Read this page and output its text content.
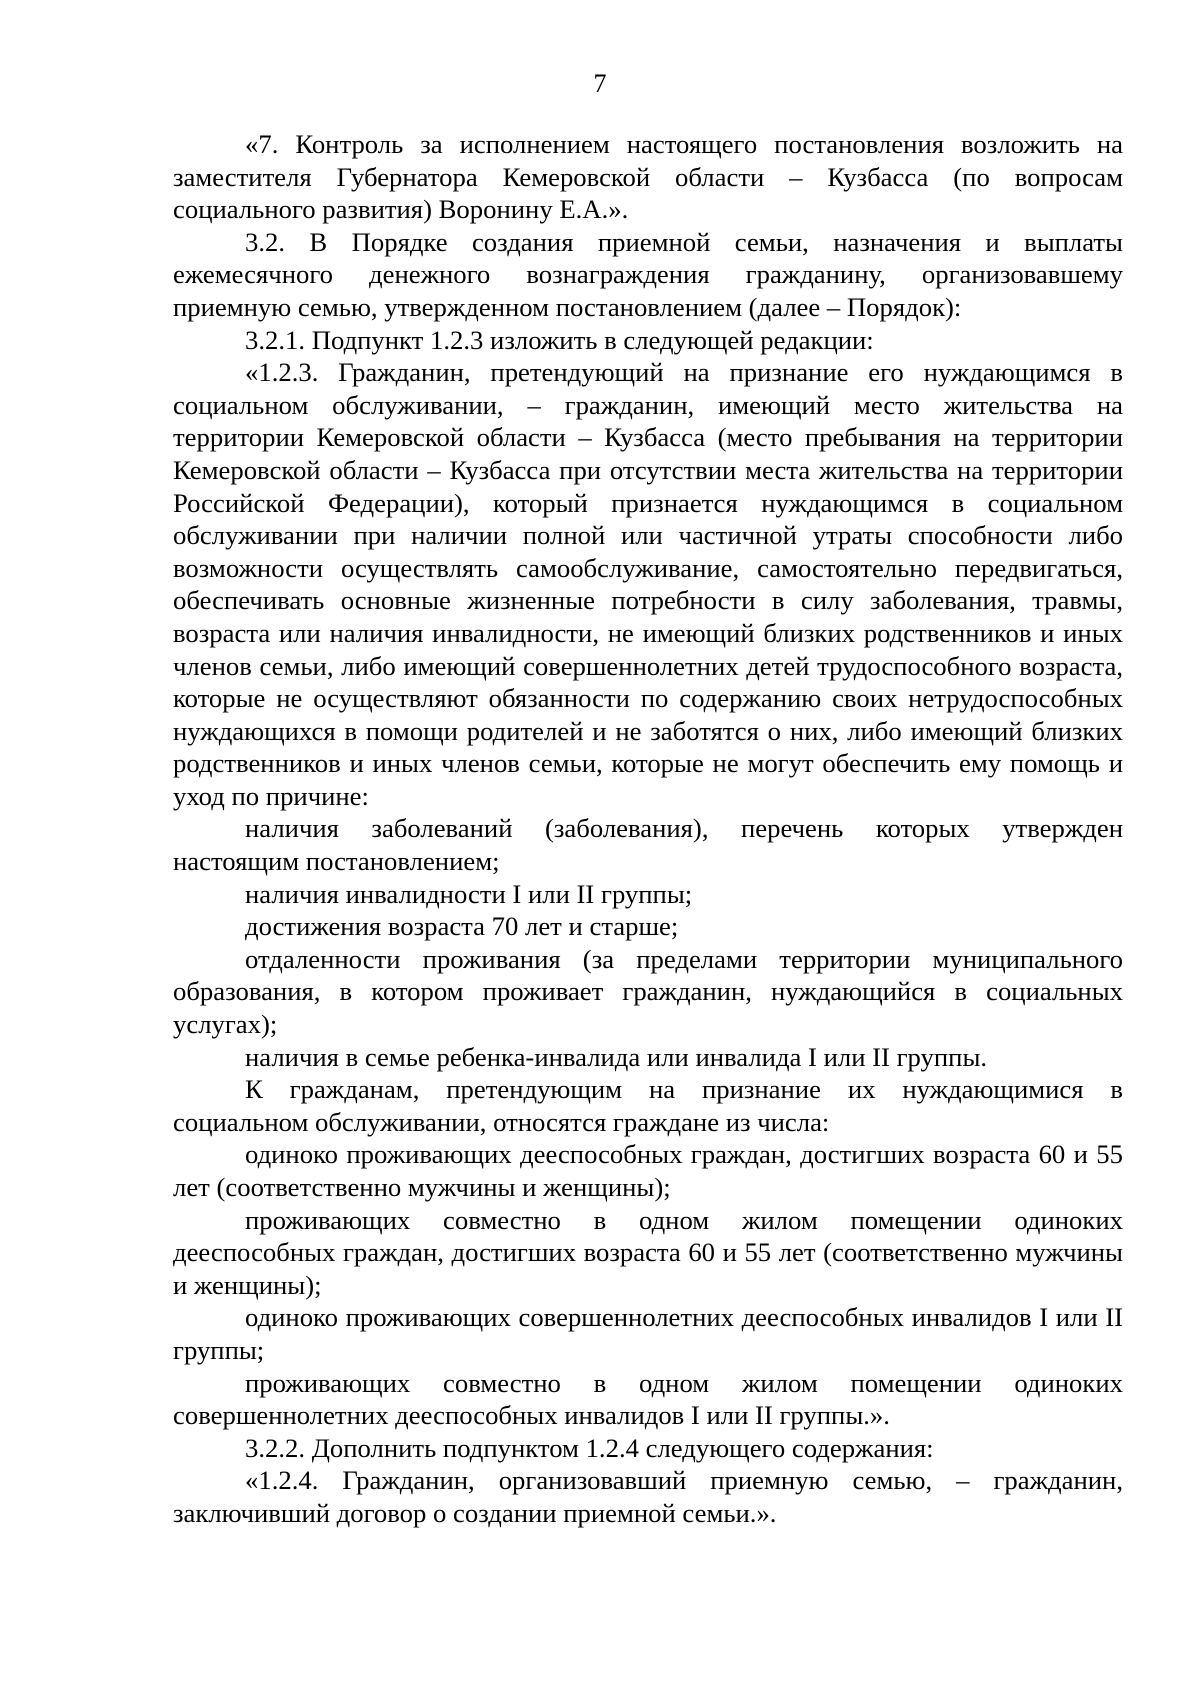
7

«7. Контроль за исполнением настоящего постановления возложить на заместителя Губернатора Кемеровской области – Кузбасса (по вопросам социального развития) Воронину Е.А.».

3.2. В Порядке создания приемной семьи, назначения и выплаты ежемесячного денежного вознаграждения гражданину, организовавшему приемную семью, утвержденном постановлением (далее – Порядок):

3.2.1. Подпункт 1.2.3 изложить в следующей редакции:

«1.2.3. Гражданин, претендующий на признание его нуждающимся в социальном обслуживании, – гражданин, имеющий место жительства на территории Кемеровской области – Кузбасса (место пребывания на территории Кемеровской области – Кузбасса при отсутствии места жительства на территории Российской Федерации), который признается нуждающимся в социальном обслуживании при наличии полной или частичной утраты способности либо возможности осуществлять самообслуживание, самостоятельно передвигаться, обеспечивать основные жизненные потребности в силу заболевания, травмы, возраста или наличия инвалидности, не имеющий близких родственников и иных членов семьи, либо имеющий совершеннолетних детей трудоспособного возраста, которые не осуществляют обязанности по содержанию своих нетрудоспособных нуждающихся в помощи родителей и не заботятся о них, либо имеющий близких родственников и иных членов семьи, которые не могут обеспечить ему помощь и уход по причине:

наличия заболеваний (заболевания), перечень которых утвержден настоящим постановлением;

наличия инвалидности I или II группы;

достижения возраста 70 лет и старше;

отдаленности проживания (за пределами территории муниципального образования, в котором проживает гражданин, нуждающийся в социальных услугах);

наличия в семье ребенка-инвалида или инвалида I или II группы.

К гражданам, претендующим на признание их нуждающимися в социальном обслуживании, относятся граждане из числа:

одиноко проживающих дееспособных граждан, достигших возраста 60 и 55 лет (соответственно мужчины и женщины);

проживающих совместно в одном жилом помещении одиноких дееспособных граждан, достигших возраста 60 и 55 лет (соответственно мужчины и женщины);

одиноко проживающих совершеннолетних дееспособных инвалидов I или II группы;

проживающих совместно в одном жилом помещении одиноких совершеннолетних дееспособных инвалидов I или II группы.».

3.2.2. Дополнить подпунктом 1.2.4 следующего содержания:

«1.2.4. Гражданин, организовавший приемную семью, – гражданин, заключивший договор о создании приемной семьи.».
